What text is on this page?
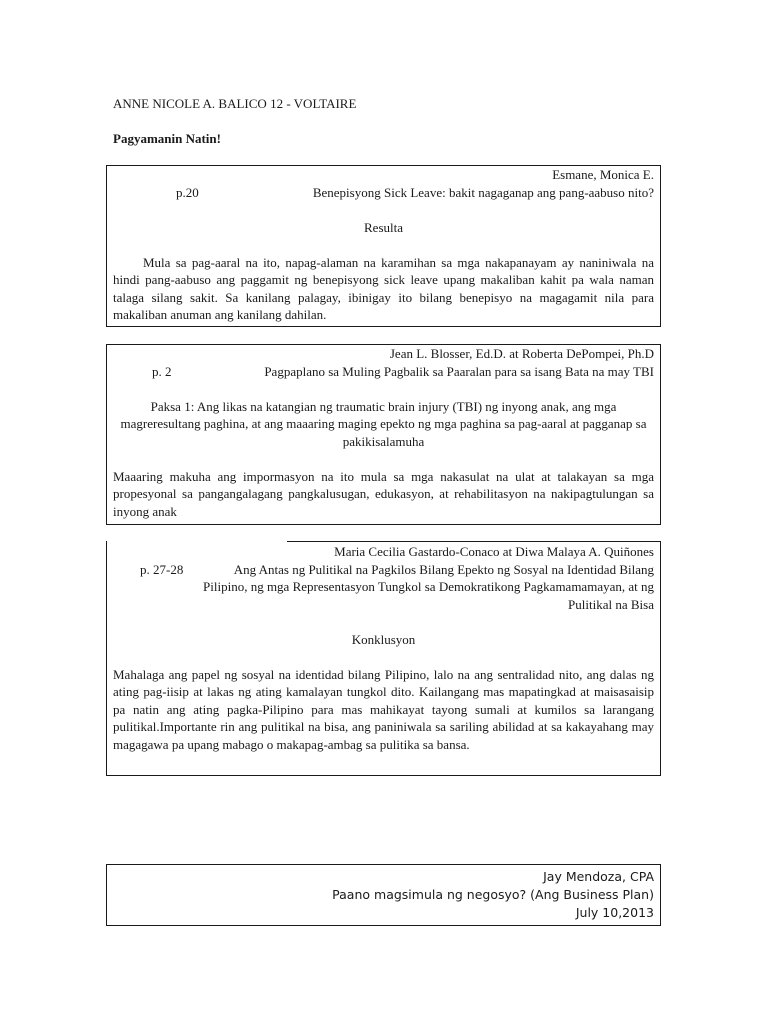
ANNE NICOLE A. BALICO 12 - VOLTAIRE
Pagyamanin Natin!
Esmane, Monica E.
p.20	Benepisyong Sick Leave: bakit nagaganap ang pang-aabuso nito?
Resulta
Mula sa pag-aaral na ito, napag-alaman na karamihan sa mga nakapanayam ay naniniwala na hindi pang-aabuso ang paggamit ng benepisyong sick leave upang makaliban kahit pa wala naman talaga silang sakit. Sa kanilang palagay, ibinigay ito bilang benepisyo na magagamit nila para makaliban anuman ang kanilang dahilan.
Jean L. Blosser, Ed.D. at Roberta DePompei, Ph.D
p. 2	Pagpaplano sa Muling Pagbalik sa Paaralan para sa isang Bata na may TBI
Paksa 1: Ang likas na katangian ng traumatic brain injury (TBI) ng inyong anak, ang mga magreresultang paghina, at ang maaaring maging epekto ng mga paghina sa pag-aaral at pagganap sa pakikisalamuha
Maaaring makuha ang impormasyon na ito mula sa mga nakasulat na ulat at talakayan sa mga propesyonal sa pangangalagang pangkalusugan, edukasyon, at rehabilitasyon na nakipagtulungan sa inyong anak
Maria Cecilia Gastardo-Conaco at Diwa Malaya A. Quiñones
p. 27-28	Ang Antas ng Pulitikal na Pagkilos Bilang Epekto ng Sosyal na Identidad Bilang Pilipino, ng mga Representasyon Tungkol sa Demokratikong Pagkamamamayan, at ng Pulitikal na Bisa
Konklusyon
Mahalaga ang papel ng sosyal na identidad bilang Pilipino, lalo na ang sentralidad nito, ang dalas ng ating pag-iisip at lakas ng ating kamalayan tungkol dito. Kailangang mas mapatingkad at maisasaisip pa natin ang ating pagka-Pilipino para mas mahikayat tayong sumali at kumilos sa larangang pulitikal.Importante rin ang pulitikal na bisa, ang paniniwala sa sariling abilidad at sa kakayahang may magagawa pa upang mabago o makapag-ambag sa pulitika sa bansa.
Jay Mendoza, CPA
Paano magsimula ng negosyo? (Ang Business Plan)
July 10,2013
